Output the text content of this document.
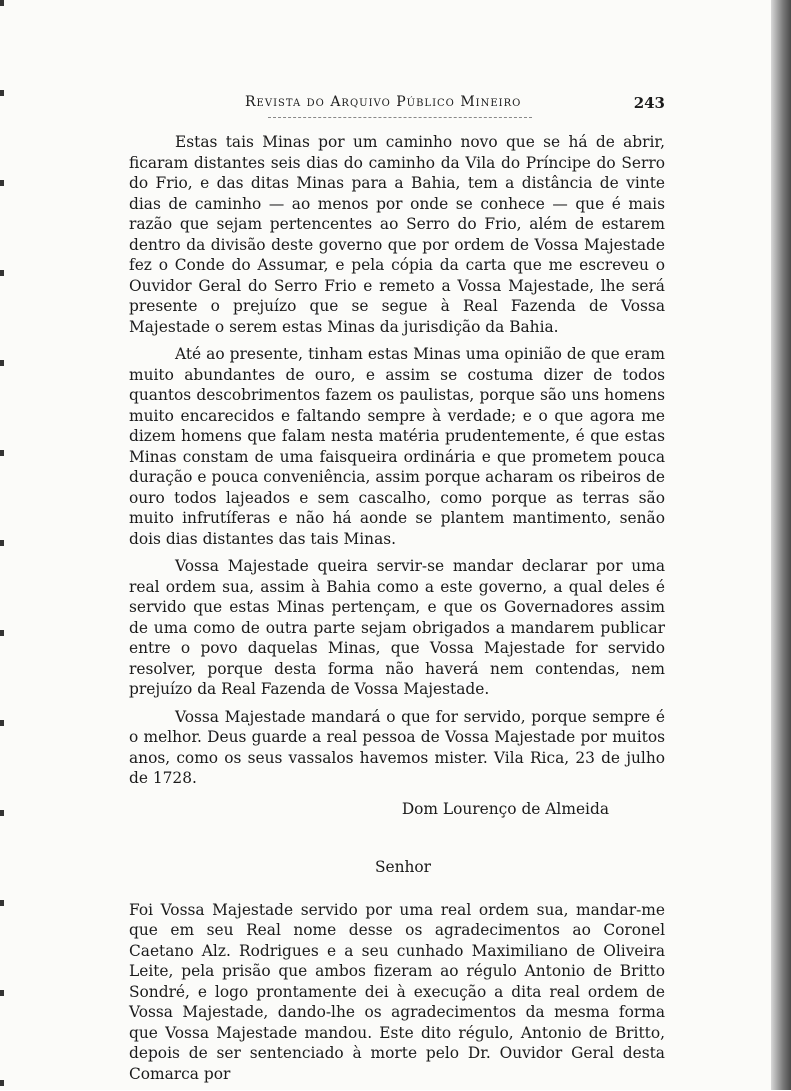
Revista do Arquivo Público Mineiro	243

Estas tais Minas por um caminho novo que se há de abrir, ficaram distantes seis dias do caminho da Vila do Príncipe do Serro do Frio, e das ditas Minas para a Bahia, tem a distância de vinte dias de caminho — ao menos por onde se conhece — que é mais razão que sejam pertencentes ao Serro do Frio, além de estarem dentro da divisão deste governo que por ordem de Vossa Majestade fez o Conde do Assumar, e pela cópia da carta que me escreveu o Ouvidor Geral do Serro Frio e remeto a Vossa Majestade, lhe será presente o prejuízo que se segue à Real Fazenda de Vossa Majestade o serem estas Minas da jurisdição da Bahia.

Até ao presente, tinham estas Minas uma opinião de que eram muito abundantes de ouro, e assim se costuma dizer de todos quantos descobrimentos fazem os paulistas, porque são uns homens muito encarecidos e faltando sempre à verdade; e o que agora me dizem homens que falam nesta matéria prudentemente, é que estas Minas constam de uma faisqueira ordinária e que prometem pouca duração e pouca conveniência, assim porque acharam os ribeiros de ouro todos lajeados e sem cascalho, como porque as terras são muito infrutíferas e não há aonde se plantem mantimento, senão dois dias distantes das tais Minas.

Vossa Majestade queira servir-se mandar declarar por uma real ordem sua, assim à Bahia como a este governo, a qual deles é servido que estas Minas pertençam, e que os Governadores assim de uma como de outra parte sejam obrigados a mandarem publicar entre o povo daquelas Minas, que Vossa Majestade for servido resolver, porque desta forma não haverá nem contendas, nem prejuízo da Real Fazenda de Vossa Majestade.

Vossa Majestade mandará o que for servido, porque sempre é o melhor. Deus guarde a real pessoa de Vossa Majestade por muitos anos, como os seus vassalos havemos mister. Vila Rica, 23 de julho de 1728.

Dom Lourenço de Almeida

Senhor

Foi Vossa Majestade servido por uma real ordem sua, mandar-me que em seu Real nome desse os agradecimentos ao Coronel Caetano Alz. Rodrigues e a seu cunhado Maximiliano de Oliveira Leite, pela prisão que ambos fizeram ao régulo Antonio de Britto Sondré, e logo prontamente dei à execução a dita real ordem de Vossa Majestade, dando-lhe os agradecimentos da mesma forma que Vossa Majestade mandou. Este dito régulo, Antonio de Britto, depois de ser sentenciado à morte pelo Dr. Ouvidor Geral desta Comarca por
